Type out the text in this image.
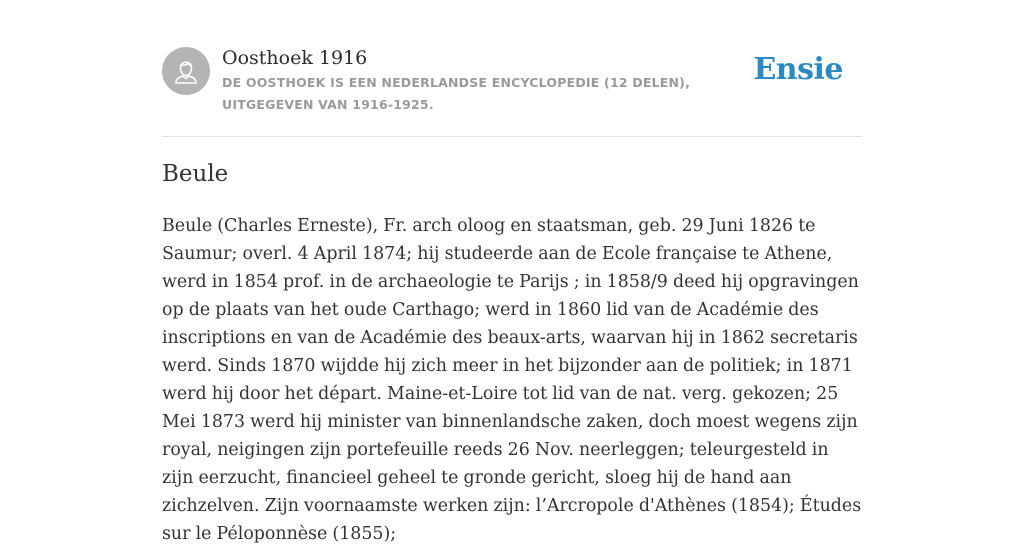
Oosthoek 1916
DE OOSTHOEK IS EEN NEDERLANDSE ENCYCLOPEDIE (12 DELEN), UITGEGEVEN VAN 1916-1925.
Ensie
Beule

Beule (Charles Erneste), Fr. arch oloog en staatsman, geb. 29 Juni 1826 te Saumur; overl. 4 April 1874; hij studeerde aan de Ecole française te Athene, werd in 1854 prof. in de archaeologie te Parijs ; in 1858/9 deed hij opgravingen op de plaats van het oude Carthago; werd in 1860 lid van de Académie des inscriptions en van de Académie des beaux-arts, waarvan hij in 1862 secretaris werd. Sinds 1870 wijdde hij zich meer in het bijzonder aan de politiek; in 1871 werd hij door het départ. Maine-et-Loire tot lid van de nat. verg. gekozen; 25 Mei 1873 werd hij minister van binnenlandsche zaken, doch moest wegens zijn royal, neigingen zijn portefeuille reeds 26 Nov. neerleggen; teleurgesteld in zijn eerzucht, financieel geheel te gronde gericht, sloeg hij de hand aan zichzelven. Zijn voornaamste werken zijn: l’Arcropole d'Athènes (1854); Études sur le Péloponnèse (1855);
